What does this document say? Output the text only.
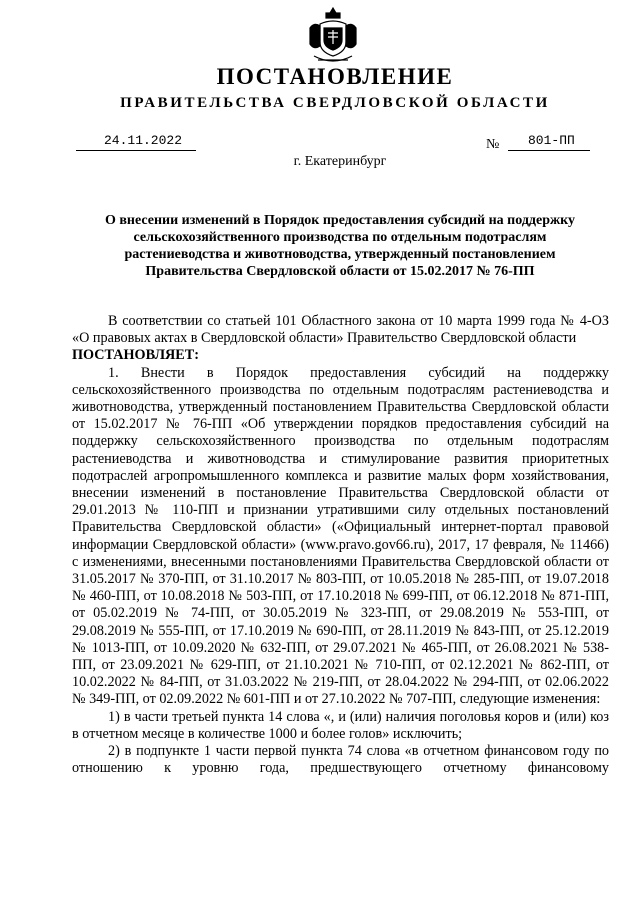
ПОСТАНОВЛЕНИЕ
ПРАВИТЕЛЬСТВА СВЕРДЛОВСКОЙ ОБЛАСТИ
24.11.2022	№	801-ПП
г. Екатеринбург
О внесении изменений в Порядок предоставления субсидий на поддержку
сельскохозяйственного производства по отдельным подотраслям
растениеводства и животноводства, утвержденный постановлением
Правительства Свердловской области от 15.02.2017 № 76-ПП

В соответствии со статьей 101 Областного закона от 10 марта 1999 года № 4-ОЗ «О правовых актах в Свердловской области» Правительство Свердловской области

ПОСТАНОВЛЯЕТ:

1. Внести в Порядок предоставления субсидий на поддержку сельскохозяйственного производства по отдельным подотраслям растениеводства и животноводства, утвержденный постановлением Правительства Свердловской области от 15.02.2017 № 76-ПП «Об утверждении порядков предоставления субсидий на поддержку сельскохозяйственного производства по отдельным подотраслям растениеводства и животноводства и стимулирование развития приоритетных подотраслей агропромышленного комплекса и развитие малых форм хозяйствования, внесении изменений в постановление Правительства Свердловской области от 29.01.2013 № 110-ПП и признании утратившими силу отдельных постановлений Правительства Свердловской области» («Официальный интернет-портал правовой информации Свердловской области» (www.pravo.gov66.ru), 2017, 17 февраля, № 11466) с изменениями, внесенными постановлениями Правительства Свердловской области от 31.05.2017 № 370-ПП, от 31.10.2017 № 803-ПП, от 10.05.2018 № 285-ПП, от 19.07.2018 № 460-ПП, от 10.08.2018 № 503-ПП, от 17.10.2018 № 699-ПП, от 06.12.2018 № 871-ПП, от 05.02.2019 № 74-ПП, от 30.05.2019 № 323-ПП, от 29.08.2019 № 553-ПП, от 29.08.2019 № 555-ПП, от 17.10.2019 № 690-ПП, от 28.11.2019 № 843-ПП, от 25.12.2019 № 1013-ПП, от 10.09.2020 № 632-ПП, от 29.07.2021 № 465-ПП, от 26.08.2021 № 538-ПП, от 23.09.2021 № 629-ПП, от 21.10.2021 № 710-ПП, от 02.12.2021 № 862-ПП, от 10.02.2022 № 84-ПП, от 31.03.2022 № 219-ПП, от 28.04.2022 № 294-ПП, от 02.06.2022 № 349-ПП, от 02.09.2022 № 601-ПП и от 27.10.2022 № 707-ПП, следующие изменения:

1) в части третьей пункта 14 слова «, и (или) наличия поголовья коров и (или) коз в отчетном месяце в количестве 1000 и более голов» исключить;

2) в подпункте 1 части первой пункта 74 слова «в отчетном финансовом году по отношению к уровню года, предшествующего отчетному финансовому
